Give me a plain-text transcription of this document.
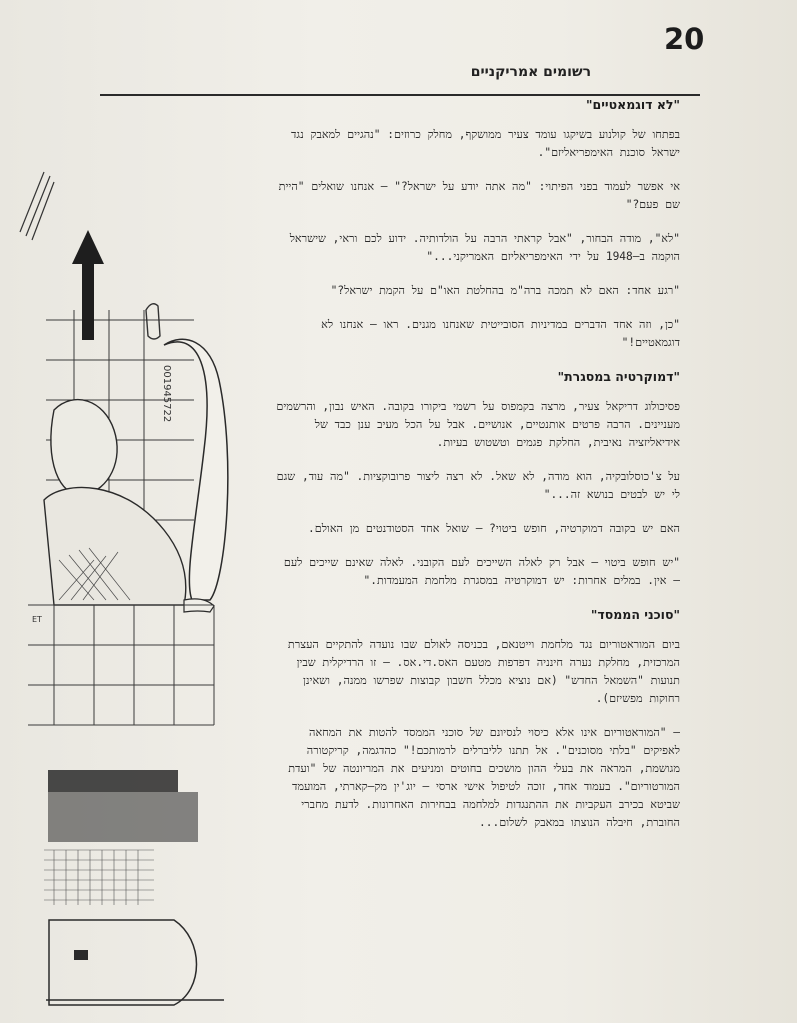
20
רשומים אמריקניים
001945722
ET

"לא דוגמאטיים"

בפתחו של קולנוע בשיקגו עומד צעיר ממושקף, מחלק כרוזים: "נהגיים למאבק נגד ישראל סוכנת האימפריאליזם".

אי אפשר לעמוד בפני הפיתוי: "מה אתה יודע על ישראל?" – אנחנו שואלים "היית שם פעם?"

"לא", מודה הבחור, "אבל קראתי הרבה על הולדותיה. ידוע לכם וראי, שישראל הוקמה ב–1948 על ידי האימפריאליזם האמריקני..."

"רגע אחד: האם לא תמכה ברה"מ בהחלטת האו"ם על הקמת ישראל?"

"כן, וזה אחד הדברים במדיניות הסובייטית שאנחנו מגנים. ראו – אנחנו לא דוגמאטיים!"

"דמוקרטיה במסגרת"

פסיכולוג דריקאל צעיר, מרצה בקמפוס על רשמי ביקורו בקובה. האיש נבון, והרשמים מעניינים. הרבה פרטים אותנטיים, אנושיים. אבל על הכל מעיב ענן כבד של אידיאליזציה נאיבית, החלקת פגמים וטשטוש בעיות.

על צ'כוסלובקיה, הוא מודה, לא שאל. לא רצה ליצור פרובוקציות. "מה עוד, שגם לי יש לבטים בנושא זה..."

האם יש בקובה דמוקרטיה, חופש ביטוי? – שואל אחד הסטודנטים מן האולם.

"יש חופש ביטוי – אבל רק לאלה השייכים לעם הקובני. לאלה שאינם שייכים לעם – אין. במלים אחרות: יש דמוקרטיה במסגרת מלחמת המעמדות."

"סוכני הממסד"

ביום המוראטוריום נגד מלחמת וייטנאם, בכניסה לאולם שבו נועדה להתקיים העצרת המרכזית, מחלקת נערה חינניה דפדפות מטעם האס.די.אס. – זו הרדיקלית שבין תנועות "השמאל החדש" (אם נוציא מכלל חשבון קבוצות שפרשו ממנה, ושאינן רחוקות מפשיזם).

– "המוראטוריום אינו אלא כיסוי לנסיונם של סוכני הממסד להטות את המחאה לאפיקים "בלתי מסוכנים". אל תתנו לליברלים לרמותכם!" כהדגמה, קריקטורה מגושמת, המראה את בעלי ההון מושכים בחוטים ומניעים את המריונטה של "ועדת המורטוריום". בעמוד אחד, זוכה לטיפול אישי ארסי – יוג'ין מק–קארתי, המועמד שביטא בכירב העקביות את ההתנגדות למלחמה בבחירות האחרונות. לדעת מחברי החוברת, חיבלה הנוצתו במאבק לשלום...
